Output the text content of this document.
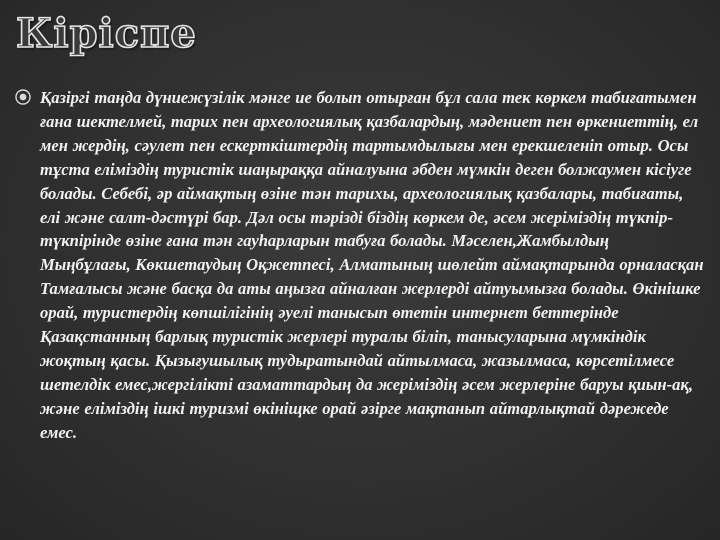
Кіріспе

Қазіргі таңда дүниежүзілік мәнге ие болып отырған бұл сала тек көркем табиғатымен ғана шектелмей, тарих пен археологиялық қазбалардың, мәдениет пен өркениеттің, ел мен жердің, сәулет пен ескерткіштердің тартымдылығы мен ерекшеленіп отыр. Осы тұста еліміздің туристік шаңыраққа айналуына әбден мүмкін деген болжаумен кісіуге болады. Себебі, әр аймақтың өзіне тән тарихы, археологиялық қазбалары, табиғаты, елі және салт-дәстүрі бар. Дәл осы тәрізді біздің көркем де, әсем жеріміздің түкпір-түкпірінде өзіне ғана тән гауһарларын табуға болады. Мәселен,Жамбылдың Мыңбұлағы, Көкшетаудың Оқжетпесі, Алматының шөлейт аймақтарында орналасқан Тамғалысы және басқа да аты аңызға айналған жерлерді айтуымызға болады. Өкінішке орай, туристердің көпшілігінің әуелі танысып өтетін интернет беттерінде Қазақстанның барлық туристік жерлері туралы біліп, танысуларына мүмкіндік жоқтың қасы. Қызығушылық тудыратындай айтылмаса, жазылмаса, көрсетілмесе шетелдік емес,жергілікті азаматтардың да жеріміздің әсем жерлеріне баруы қиын-ақ, және еліміздің ішкі туризмі өкініщке орай әзірге мақтанып айтарлықтай дәрежеде емес.
